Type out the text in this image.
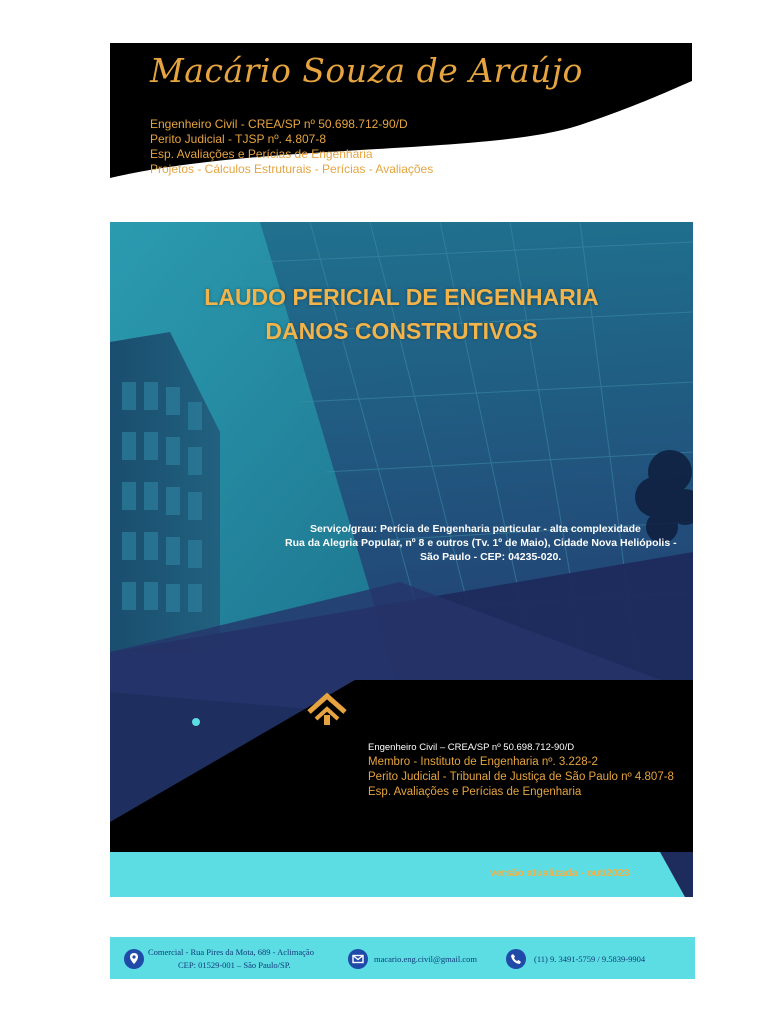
Macário Souza de Araújo
Engenheiro Civil - CREA/SP nº 50.698.712-90/D
Perito Judicial - TJSP nº. 4.807-8
Esp. Avaliações e Perícias de Engenharia
Projetos - Cálculos Estruturais - Perícias - Avaliações
LAUDO PERICIAL DE ENGENHARIA
DANOS CONSTRUTIVOS
Serviço/grau: Perícia de Engenharia particular - alta complexidade
Rua da Alegria Popular, nº 8 e outros (Tv. 1º de Maio), Cidade Nova Heliópolis -
São Paulo - CEP: 04235-020.
Macário Souza de Araújo
Engenheiro Civil – CREA/SP nº 50.698.712-90/D
Membro - Instituto de Engenharia nº. 3.228-2
Perito Judicial - Tribunal de Justiça de São Paulo nº 4.807-8
Esp. Avaliações e Perícias de Engenharia
versão atualizada - out/2023
Comercial - Rua Pires da Mota, 689 - Aclimação
CEP: 01529-001 – São Paulo/SP.
macario.eng.civil@gmail.com	(11) 9. 3491-5759 / 9.5839-9904
